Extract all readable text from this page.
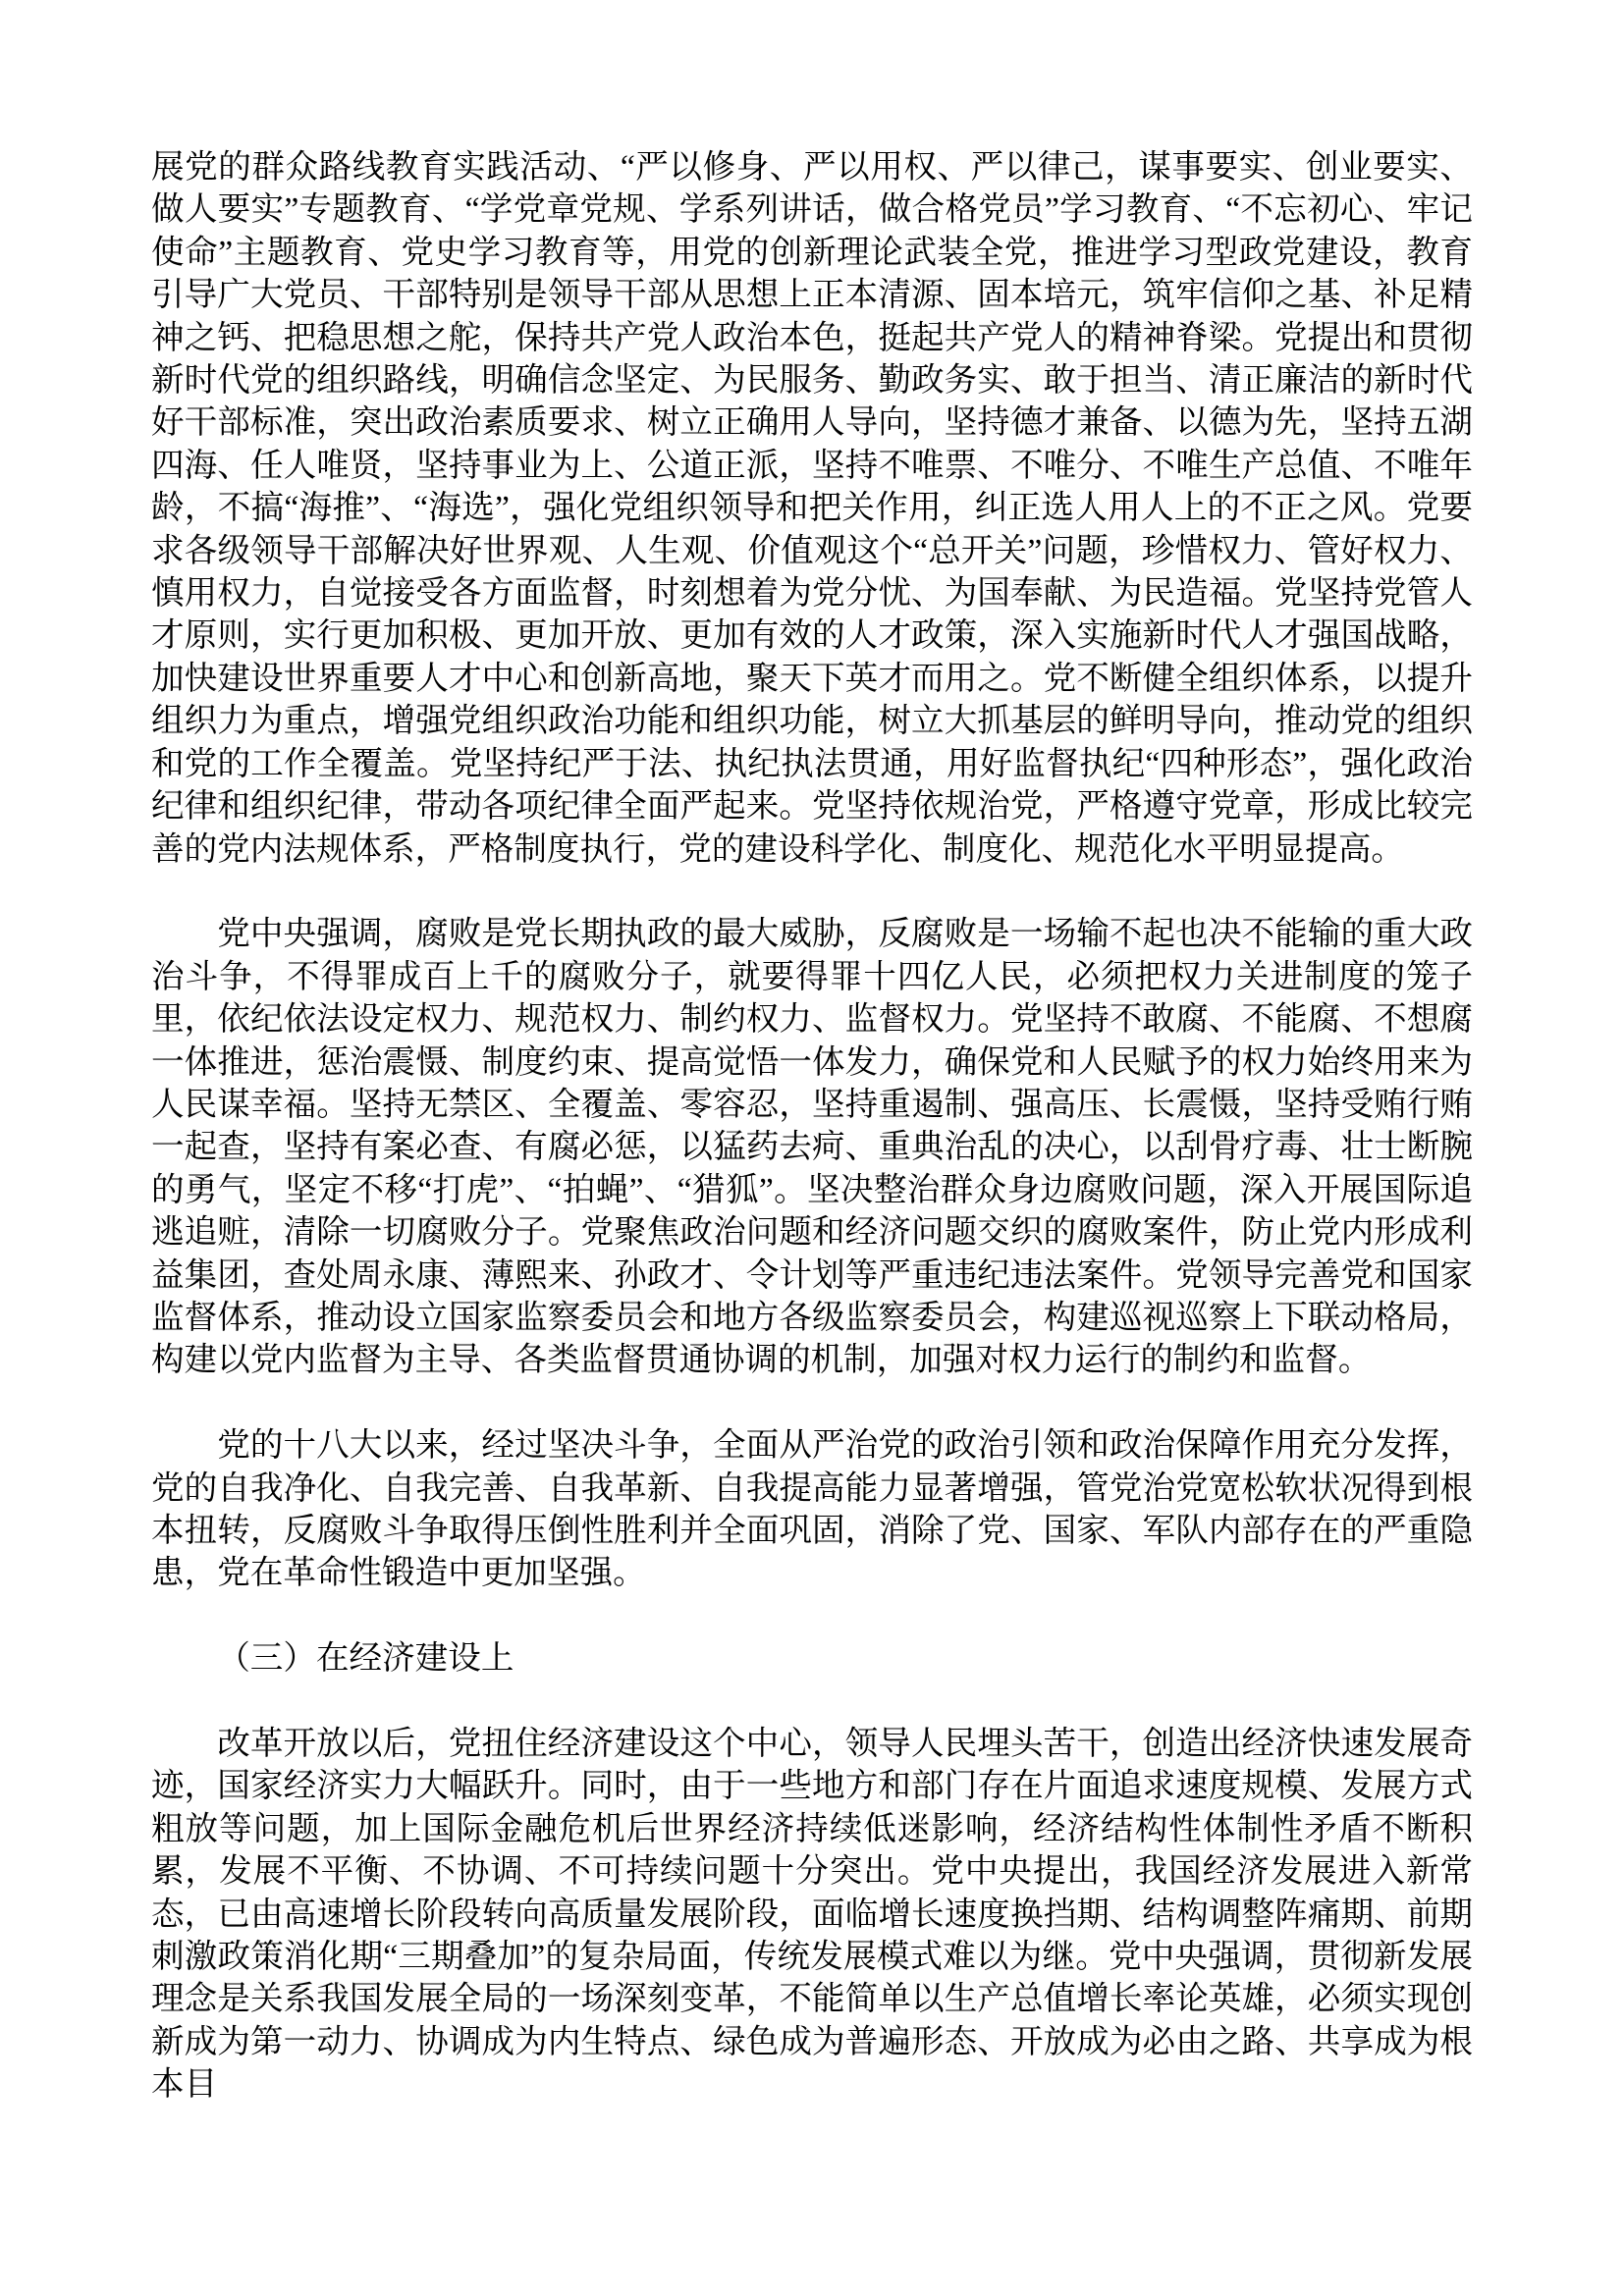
展党的群众路线教育实践活动、“严以修身、严以用权、严以律己，谋事要实、创业要实、做人要实”专题教育、“学党章党规、学系列讲话，做合格党员”学习教育、“不忘初心、牢记使命”主题教育、党史学习教育等，用党的创新理论武装全党，推进学习型政党建设，教育引导广大党员、干部特别是领导干部从思想上正本清源、固本培元，筑牢信仰之基、补足精神之钙、把稳思想之舵，保持共产党人政治本色，挺起共产党人的精神脊梁。党提出和贯彻新时代党的组织路线，明确信念坚定、为民服务、勤政务实、敢于担当、清正廉洁的新时代好干部标准，突出政治素质要求、树立正确用人导向，坚持德才兼备、以德为先，坚持五湖四海、任人唯贤，坚持事业为上、公道正派，坚持不唯票、不唯分、不唯生产总值、不唯年龄，不搞“海推”、“海选”，强化党组织领导和把关作用，纠正选人用人上的不正之风。党要求各级领导干部解决好世界观、人生观、价值观这个“总开关”问题，珍惜权力、管好权力、慎用权力，自觉接受各方面监督，时刻想着为党分忧、为国奉献、为民造福。党坚持党管人才原则，实行更加积极、更加开放、更加有效的人才政策，深入实施新时代人才强国战略，加快建设世界重要人才中心和创新高地，聚天下英才而用之。党不断健全组织体系，以提升组织力为重点，增强党组织政治功能和组织功能，树立大抓基层的鲜明导向，推动党的组织和党的工作全覆盖。党坚持纪严于法、执纪执法贯通，用好监督执纪“四种形态”，强化政治纪律和组织纪律，带动各项纪律全面严起来。党坚持依规治党，严格遵守党章，形成比较完善的党内法规体系，严格制度执行，党的建设科学化、制度化、规范化水平明显提高。

党中央强调，腐败是党长期执政的最大威胁，反腐败是一场输不起也决不能输的重大政治斗争，不得罪成百上千的腐败分子，就要得罪十四亿人民，必须把权力关进制度的笼子里，依纪依法设定权力、规范权力、制约权力、监督权力。党坚持不敢腐、不能腐、不想腐一体推进，惩治震慑、制度约束、提高觉悟一体发力，确保党和人民赋予的权力始终用来为人民谋幸福。坚持无禁区、全覆盖、零容忍，坚持重遏制、强高压、长震慑，坚持受贿行贿一起查，坚持有案必查、有腐必惩，以猛药去疴、重典治乱的决心，以刮骨疗毒、壮士断腕的勇气，坚定不移“打虎”、“拍蝇”、“猎狐”。坚决整治群众身边腐败问题，深入开展国际追逃追赃，清除一切腐败分子。党聚焦政治问题和经济问题交织的腐败案件，防止党内形成利益集团，查处周永康、薄熙来、孙政才、令计划等严重违纪违法案件。党领导完善党和国家监督体系，推动设立国家监察委员会和地方各级监察委员会，构建巡视巡察上下联动格局，构建以党内监督为主导、各类监督贯通协调的机制，加强对权力运行的制约和监督。

党的十八大以来，经过坚决斗争，全面从严治党的政治引领和政治保障作用充分发挥，党的自我净化、自我完善、自我革新、自我提高能力显著增强，管党治党宽松软状况得到根本扭转，反腐败斗争取得压倒性胜利并全面巩固，消除了党、国家、军队内部存在的严重隐患，党在革命性锻造中更加坚强。

（三）在经济建设上

改革开放以后，党扭住经济建设这个中心，领导人民埋头苦干，创造出经济快速发展奇迹，国家经济实力大幅跃升。同时，由于一些地方和部门存在片面追求速度规模、发展方式粗放等问题，加上国际金融危机后世界经济持续低迷影响，经济结构性体制性矛盾不断积累，发展不平衡、不协调、不可持续问题十分突出。党中央提出，我国经济发展进入新常态，已由高速增长阶段转向高质量发展阶段，面临增长速度换挡期、结构调整阵痛期、前期刺激政策消化期“三期叠加”的复杂局面，传统发展模式难以为继。党中央强调，贯彻新发展理念是关系我国发展全局的一场深刻变革，不能简单以生产总值增长率论英雄，必须实现创新成为第一动力、协调成为内生特点、绿色成为普遍形态、开放成为必由之路、共享成为根本目
